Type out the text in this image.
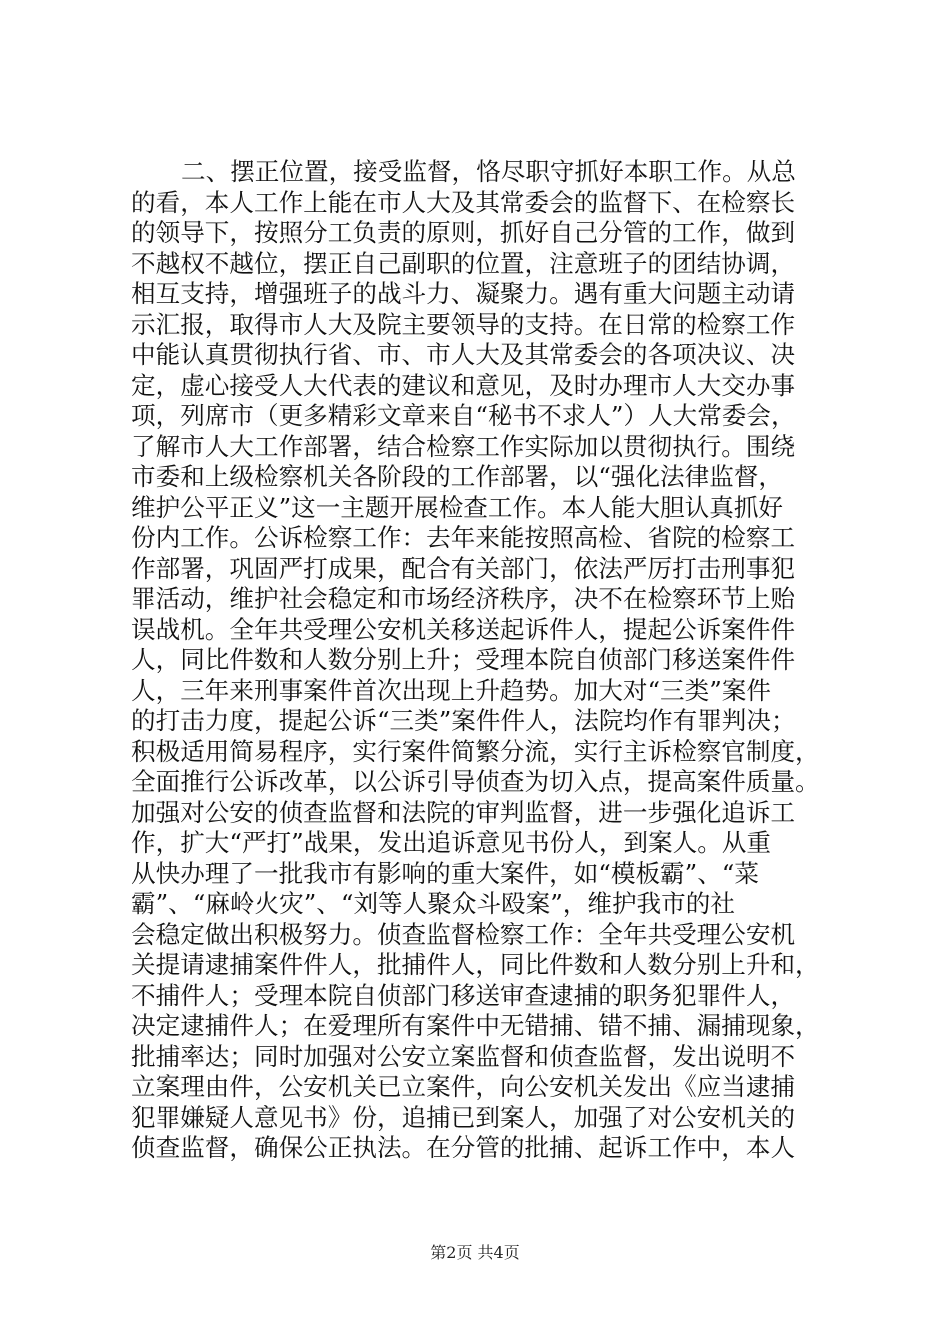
二、摆正位置，接受监督，恪尽职守抓好本职工作。从总
的看，本人工作上能在市人大及其常委会的监督下、在检察长
的领导下，按照分工负责的原则，抓好自己分管的工作，做到
不越权不越位，摆正自己副职的位置，注意班子的团结协调，
相互支持，增强班子的战斗力、凝聚力。遇有重大问题主动请
示汇报，取得市人大及院主要领导的支持。在日常的检察工作
中能认真贯彻执行省、市、市人大及其常委会的各项决议、决
定，虚心接受人大代表的建议和意见，及时办理市人大交办事
项，列席市（更多精彩文章来自“秘书不求人”）人大常委会，
了解市人大工作部署，结合检察工作实际加以贯彻执行。围绕
市委和上级检察机关各阶段的工作部署，以“强化法律监督，
维护公平正义”这一主题开展检查工作。本人能大胆认真抓好
份内工作。公诉检察工作：去年来能按照高检、省院的检察工
作部署，巩固严打成果，配合有关部门，依法严厉打击刑事犯
罪活动，维护社会稳定和市场经济秩序，决不在检察环节上贻
误战机。全年共受理公安机关移送起诉件人，提起公诉案件件
人，同比件数和人数分别上升；受理本院自侦部门移送案件件
人，三年来刑事案件首次出现上升趋势。加大对“三类”案件
的打击力度，提起公诉“三类”案件件人，法院均作有罪判决；
积极适用简易程序，实行案件简繁分流，实行主诉检察官制度，
全面推行公诉改革，以公诉引导侦查为切入点，提高案件质量。
加强对公安的侦查监督和法院的审判监督，进一步强化追诉工
作，扩大“严打”战果，发出追诉意见书份人，到案人。从重
从快办理了一批我市有影响的重大案件，如“模板霸”、“菜
霸”、“麻岭火灾”、“刘等人聚众斗殴案”，维护我市的社
会稳定做出积极努力。侦查监督检察工作：全年共受理公安机
关提请逮捕案件件人，批捕件人，同比件数和人数分别上升和，
不捕件人；受理本院自侦部门移送审查逮捕的职务犯罪件人，
决定逮捕件人；在爱理所有案件中无错捕、错不捕、漏捕现象，
批捕率达；同时加强对公安立案监督和侦查监督，发出说明不
立案理由件，公安机关已立案件，向公安机关发出《应当逮捕
犯罪嫌疑人意见书》份，追捕已到案人，加强了对公安机关的
侦查监督，确保公正执法。在分管的批捕、起诉工作中，本人
第2页 共4页
